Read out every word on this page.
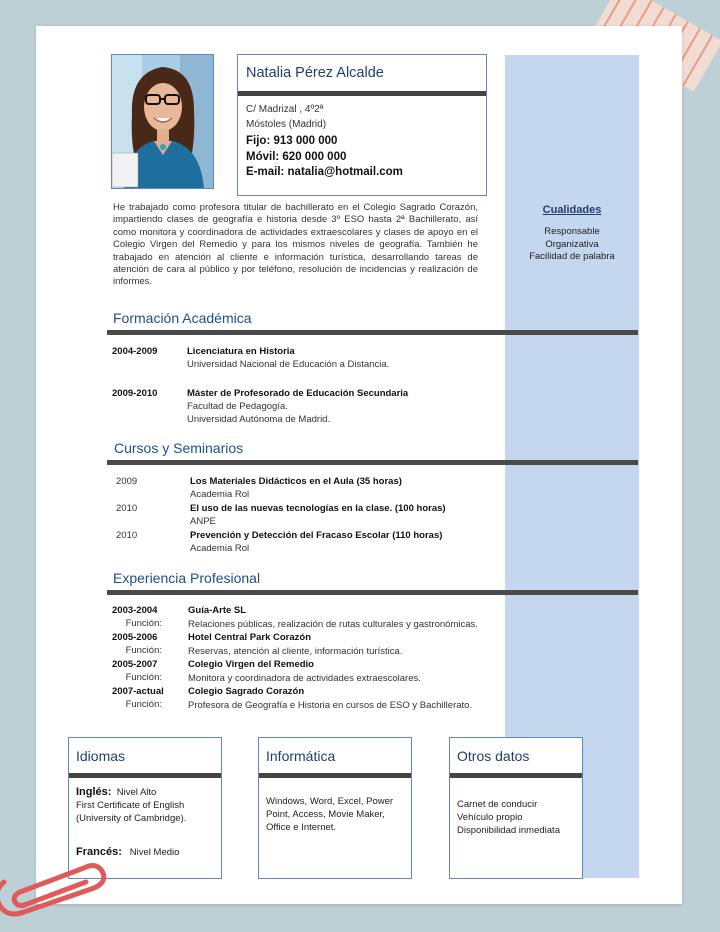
Natalia Pérez Alcalde
C/ Madrizal , 4º2ª
Móstoles (Madrid)
Fijo: 913 000 000
Móvil: 620 000 000
E-mail: natalia@hotmail.com
He trabajado como profesora titular de bachillerato en el Colegio Sagrado Corazón, impartiendo clases de geografía e historia desde 3º ESO hasta 2ª Bachillerato, así como monitora y coordinadora de actividades extraescolares y clases de apoyo en el Colegio Virgen del Remedio y para los mismos niveles de geografía. También he trabajado en atención al cliente e información turística, desarrollando tareas de atención de cara al público y por teléfono, resolución de incidencias y realización de informes.
Cualidades
Responsable
Organizativa
Facilidad de palabra
Formación Académica
2004-2009	Licenciatura en Historia
Universidad Nacional de Educación a Distancia.
2009-2010	Máster de Profesorado de Educación Secundaria
Facultad de Pedagogía.
Universidad Autónoma de Madrid.
Cursos y Seminarios
2009	Los Materiales Didácticos en el Aula (35 horas)
Academia Rol
2010	El uso de las nuevas tecnologías en la clase. (100 horas)
ANPE
2010	Prevención y Detección del Fracaso Escolar (110 horas)
Academia Rol
Experiencia Profesional
2003-2004	Guía-Arte SL
Función:	Relaciones públicas, realización de rutas culturales y gastronómicas.
2005-2006	Hotel Central Park Corazón
Función:	Reservas, atención al cliente, información turística.
2005-2007	Colegio Virgen del Remedio
Función:	Monitora y coordinadora de actividades extraescolares.
2007-actual	Colegio Sagrado Corazón
Función:	Profesora de Geografía e Historia en cursos de ESO y Bachillerato.
Idiomas
Inglés: Nivel Alto
First Certificate of English
(University of Cambridge).
Francés: Nivel Medio
Informática
Windows, Word, Excel, Power
Point, Access, Movie Maker,
Office e Internet.
Otros datos
Carnet de conducir
Vehículo propio
Disponibilidad inmediata
